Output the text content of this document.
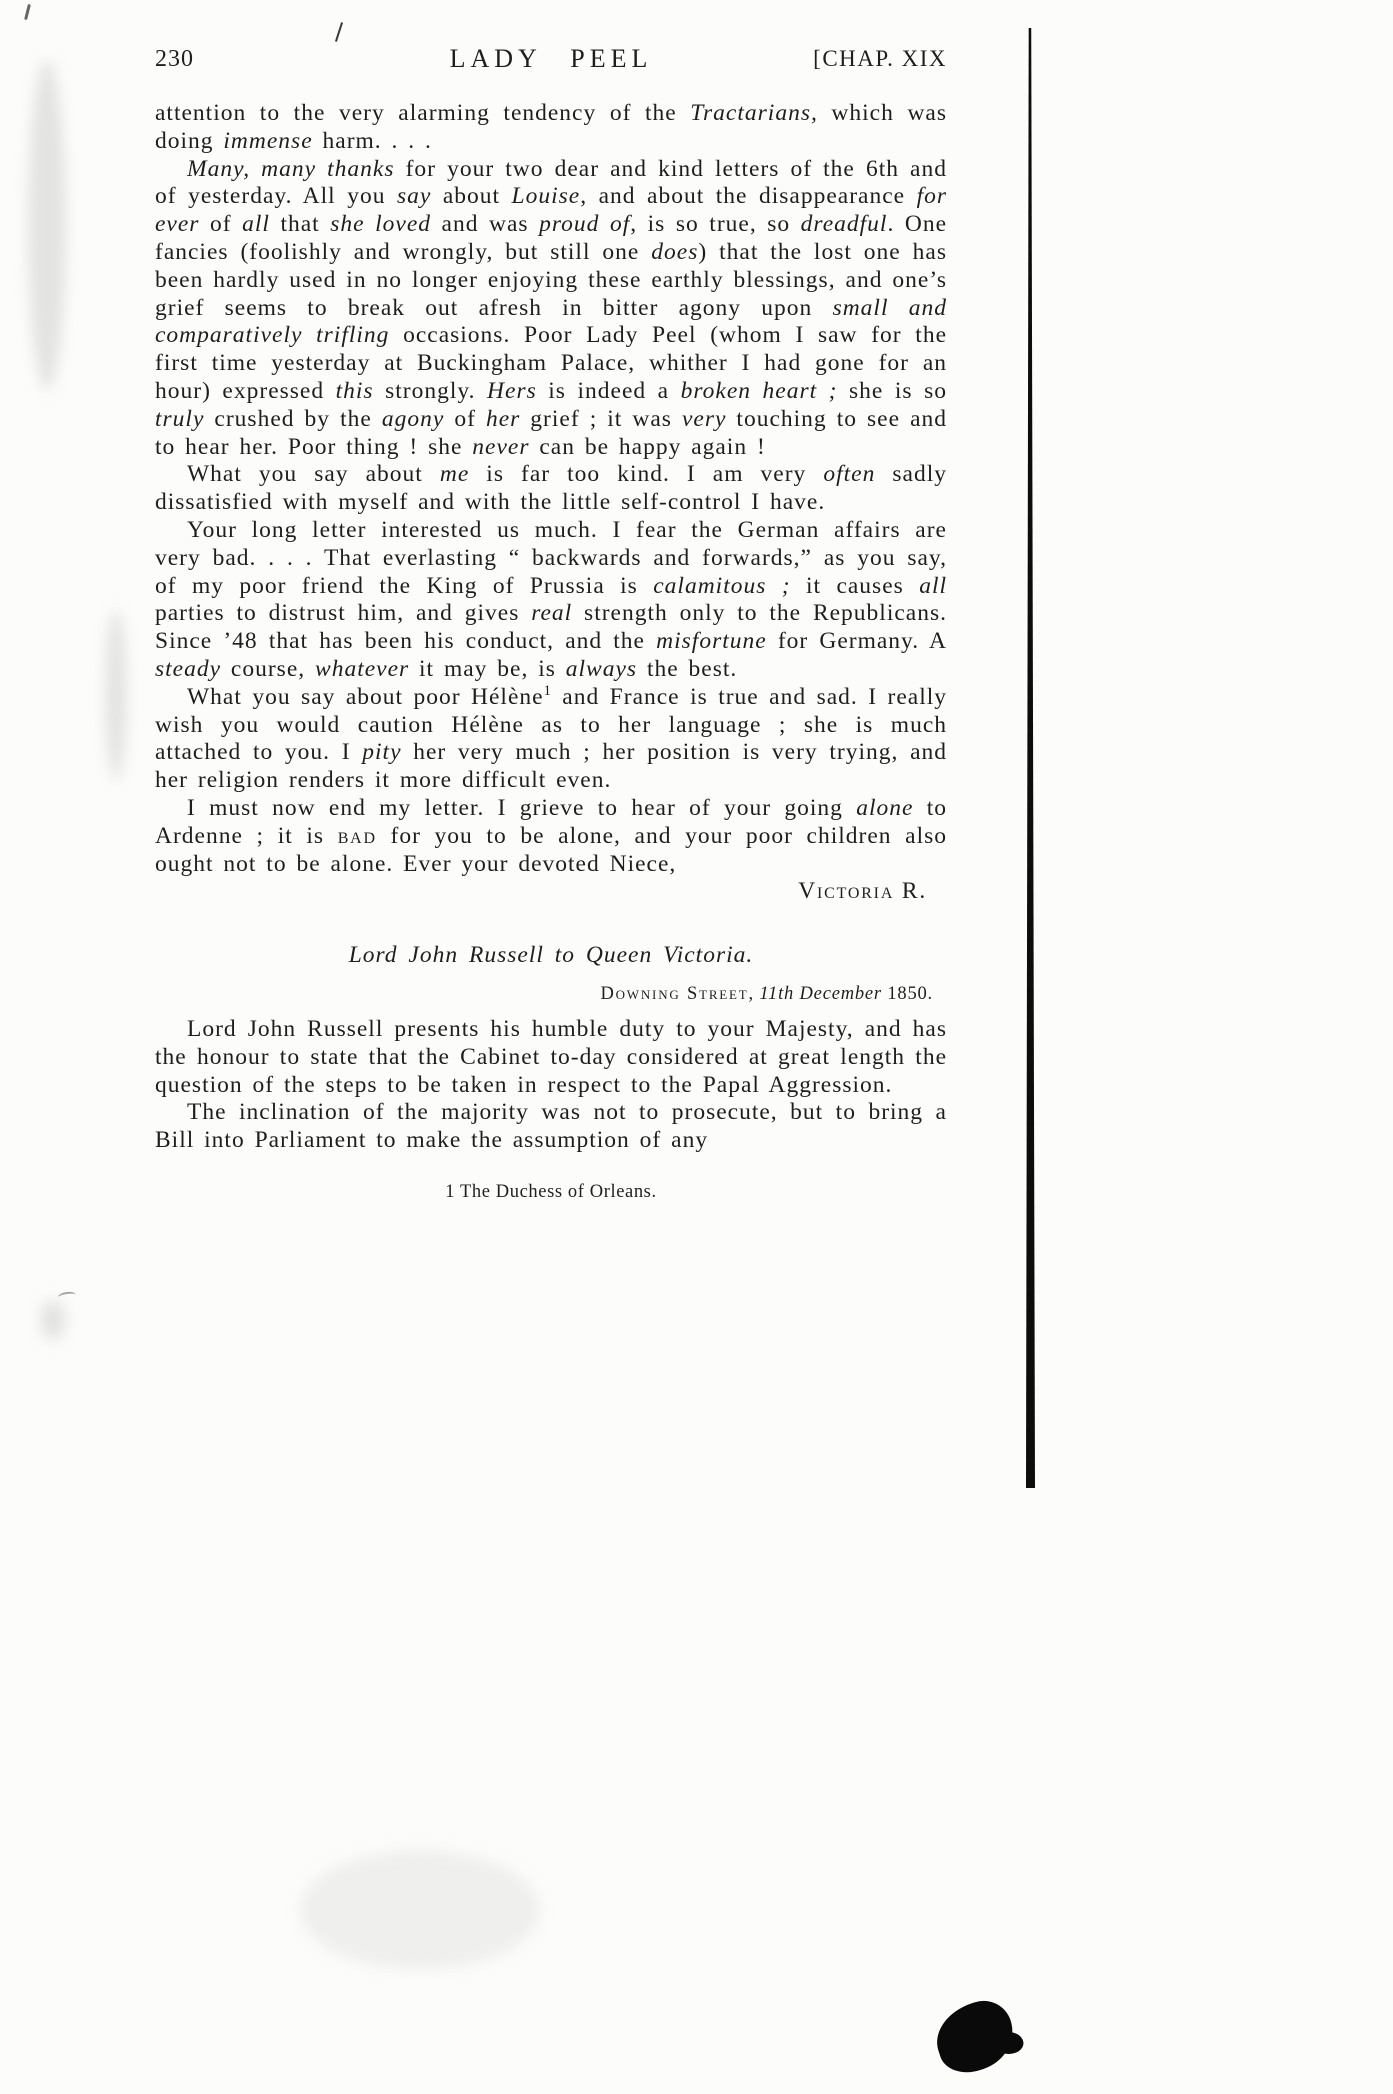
230	LADY PEEL	[CHAP. XIX

attention to the very alarming tendency of the Tractarians, which was doing immense harm. . . .

Many, many thanks for your two dear and kind letters of the 6th and of yesterday. All you say about Louise, and about the disappearance for ever of all that she loved and was proud of, is so true, so dreadful. One fancies (foolishly and wrongly, but still one does) that the lost one has been hardly used in no longer enjoying these earthly blessings, and one’s grief seems to break out afresh in bitter agony upon small and comparatively trifling occasions. Poor Lady Peel (whom I saw for the first time yesterday at Buckingham Palace, whither I had gone for an hour) expressed this strongly. Hers is indeed a broken heart ; she is so truly crushed by the agony of her grief ; it was very touching to see and to hear her. Poor thing ! she never can be happy again !

What you say about me is far too kind. I am very often sadly dissatisfied with myself and with the little self-control I have.

Your long letter interested us much. I fear the German affairs are very bad. . . . That everlasting “ backwards and forwards,” as you say, of my poor friend the King of Prussia is calamitous ; it causes all parties to distrust him, and gives real strength only to the Republicans. Since ’48 that has been his conduct, and the misfortune for Germany. A steady course, whatever it may be, is always the best.

What you say about poor Hélène$^1$ and France is true and sad. I really wish you would caution Hélène as to her language ; she is much attached to you. I pity her very much ; her position is very trying, and her religion renders it more difficult even.

I must now end my letter. I grieve to hear of your going alone to Ardenne ; it is bad for you to be alone, and your poor children also ought not to be alone. Ever your devoted Niece,

Victoria R.

Lord John Russell to Queen Victoria.

Downing Street, 11th December 1850.

Lord John Russell presents his humble duty to your Majesty, and has the honour to state that the Cabinet to-day considered at great length the question of the steps to be taken in respect to the Papal Aggression.

The inclination of the majority was not to prosecute, but to bring a Bill into Parliament to make the assumption of any

1 The Duchess of Orleans.
